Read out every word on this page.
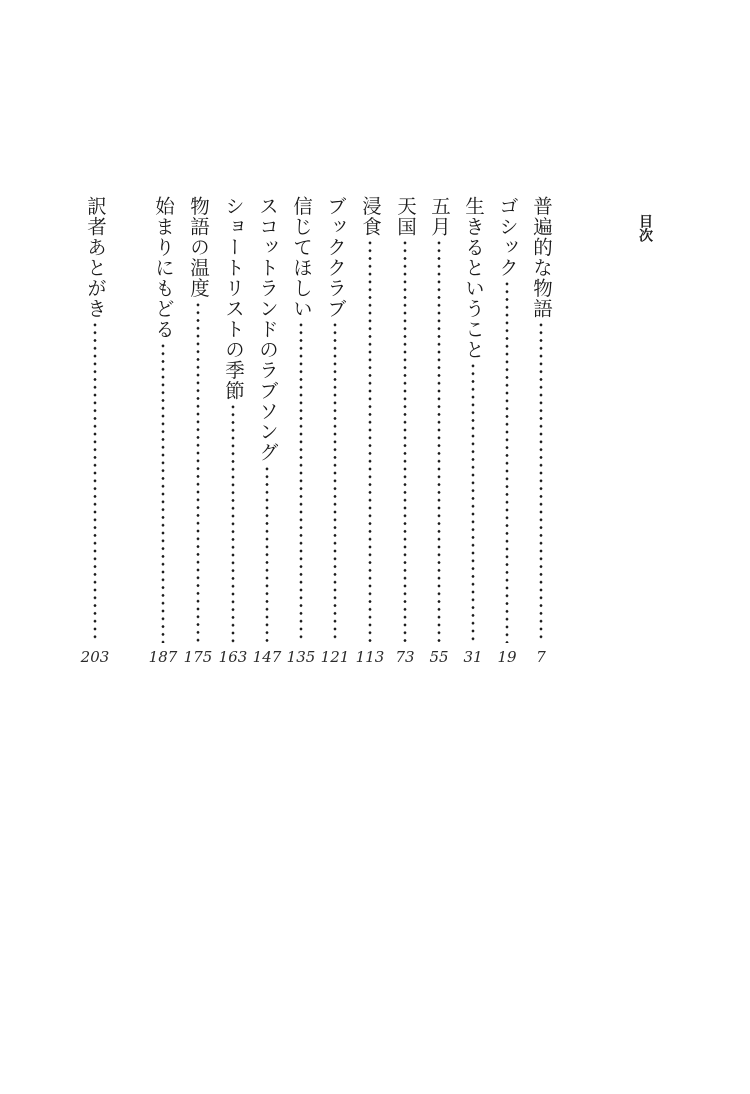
目次
普遍的な物語
7
ゴシック
19
生きるということ
31
五月
55
天国
73
浸食
113
ブッククラブ
121
信じてほしい
135
スコットランドのラブソング
147
ショートリストの季節
163
物語の温度
175
始まりにもどる
187
訳者あとがき
203
